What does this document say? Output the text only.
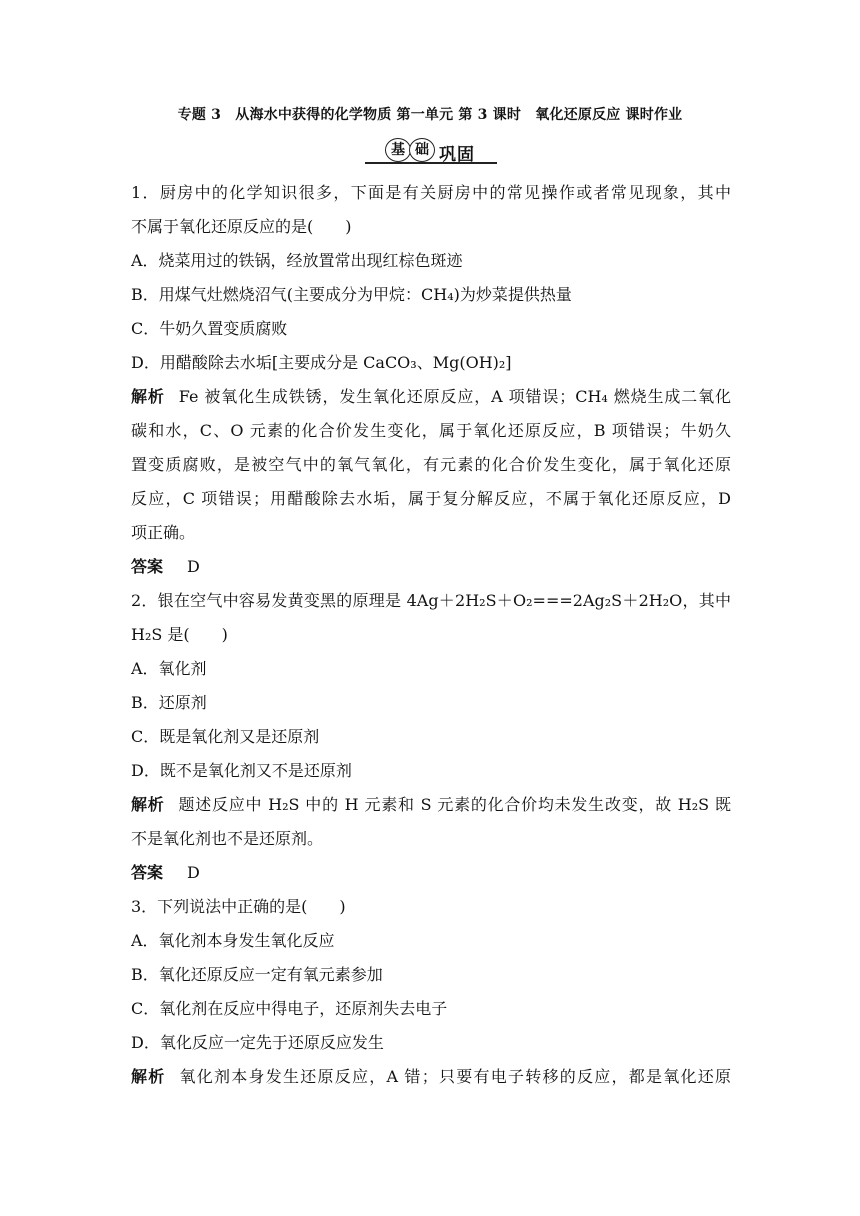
专题 3　从海水中获得的化学物质 第一单元 第 3 课时　氧化还原反应 课时作业
基 础 巩固
1．厨房中的化学知识很多，下面是有关厨房中的常见操作或者常见现象，其中
不属于氧化还原反应的是(　　)
A．烧菜用过的铁锅，经放置常出现红棕色斑迹
B．用煤气灶燃烧沼气(主要成分为甲烷：CH₄)为炒菜提供热量
C．牛奶久置变质腐败
D．用醋酸除去水垢[主要成分是 CaCO₃、Mg(OH)₂]
解析 Fe 被氧化生成铁锈，发生氧化还原反应，A 项错误；CH₄ 燃烧生成二氧化
碳和水，C、O 元素的化合价发生变化，属于氧化还原反应，B 项错误；牛奶久
置变质腐败，是被空气中的氧气氧化，有元素的化合价发生变化，属于氧化还原
反应，C 项错误；用醋酸除去水垢，属于复分解反应，不属于氧化还原反应，D
项正确。
答案 D
2．银在空气中容易发黄变黑的原理是 4Ag＋2H₂S＋O₂===2Ag₂S＋2H₂O，其中
H₂S 是(　　)
A．氧化剂
B．还原剂
C．既是氧化剂又是还原剂
D．既不是氧化剂又不是还原剂
解析 题述反应中 H₂S 中的 H 元素和 S 元素的化合价均未发生改变，故 H₂S 既
不是氧化剂也不是还原剂。
答案 D
3．下列说法中正确的是(　　)
A．氧化剂本身发生氧化反应
B．氧化还原反应一定有氧元素参加
C．氧化剂在反应中得电子，还原剂失去电子
D．氧化反应一定先于还原反应发生
解析 氧化剂本身发生还原反应，A 错；只要有电子转移的反应，都是氧化还原
